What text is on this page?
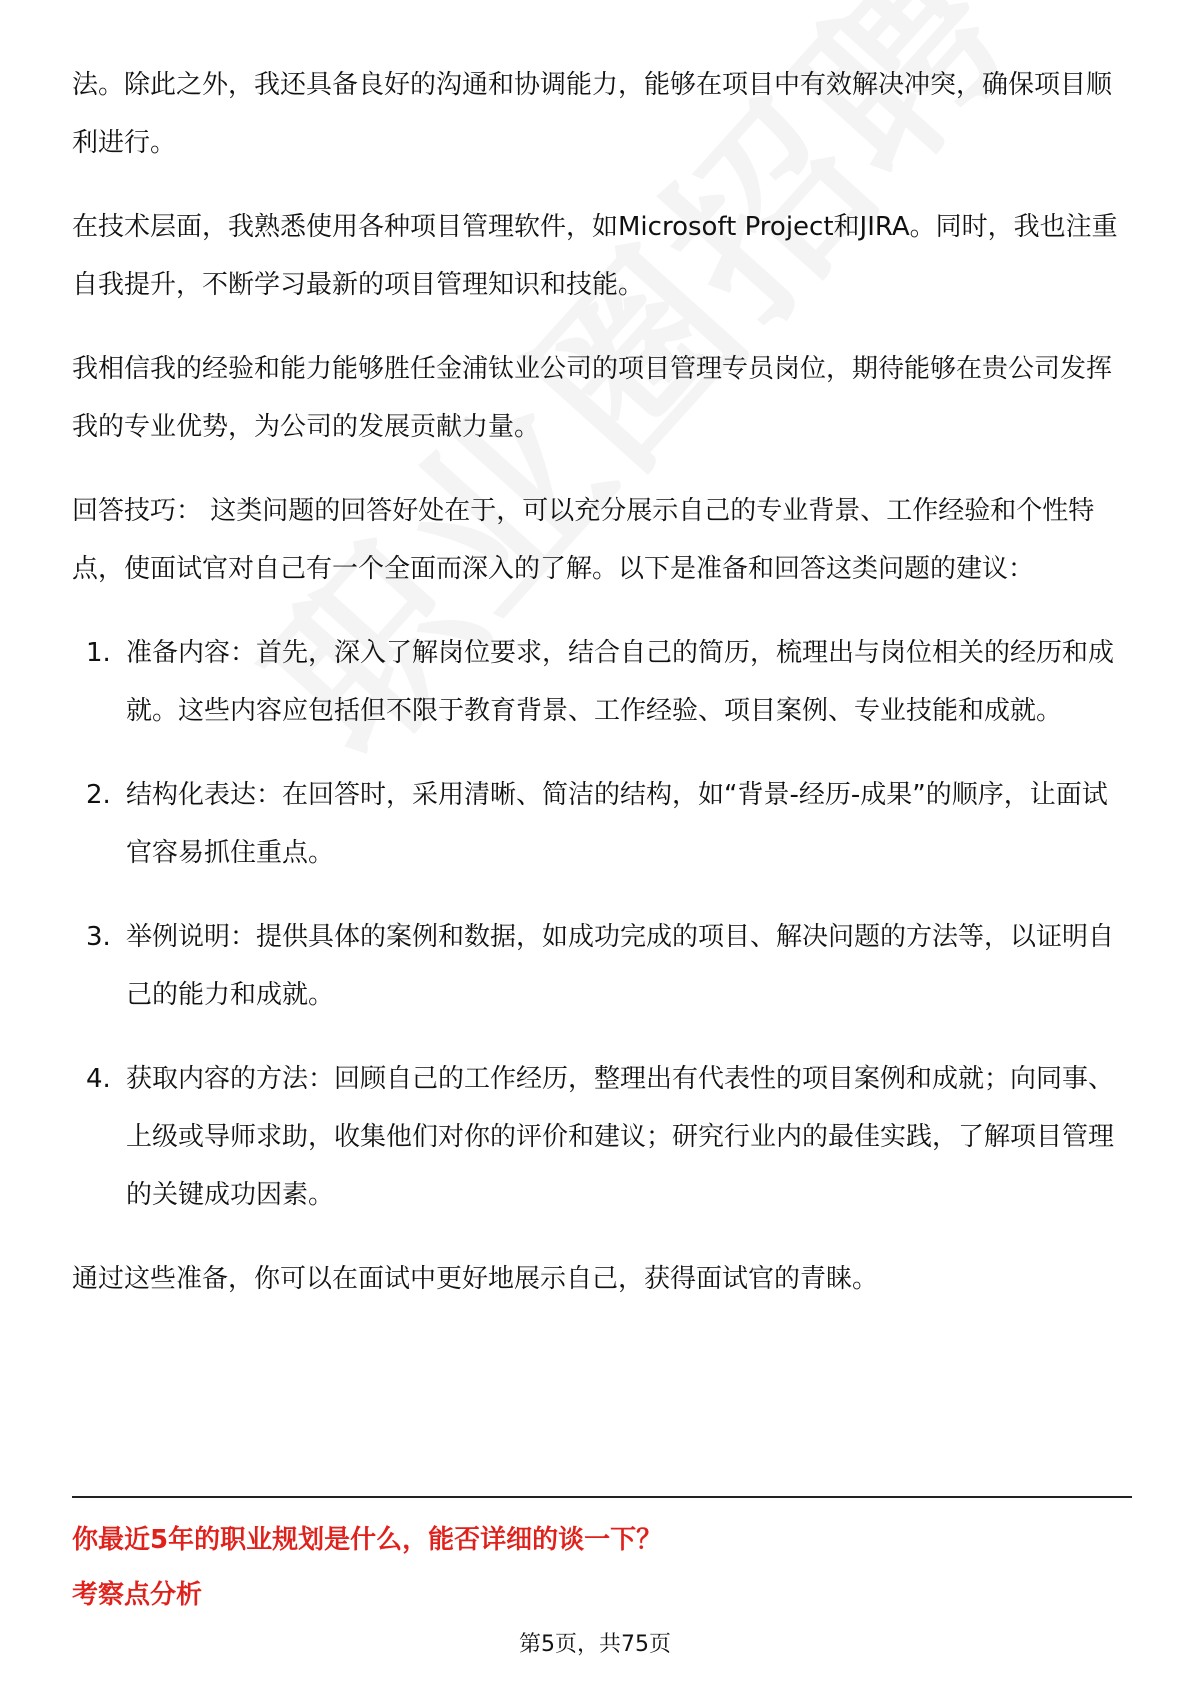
法。除此之外，我还具备良好的沟通和协调能力，能够在项目中有效解决冲突，确保项目顺利进行。

在技术层面，我熟悉使用各种项目管理软件，如Microsoft Project和JIRA。同时，我也注重自我提升，不断学习最新的项目管理知识和技能。

我相信我的经验和能力能够胜任金浦钛业公司的项目管理专员岗位，期待能够在贵公司发挥我的专业优势，为公司的发展贡献力量。

回答技巧： 这类问题的回答好处在于，可以充分展示自己的专业背景、工作经验和个性特点，使面试官对自己有一个全面而深入的了解。以下是准备和回答这类问题的建议：

1. 准备内容：首先，深入了解岗位要求，结合自己的简历，梳理出与岗位相关的经历和成就。这些内容应包括但不限于教育背景、工作经验、项目案例、专业技能和成就。
2. 结构化表达：在回答时，采用清晰、简洁的结构，如“背景-经历-成果”的顺序，让面试官容易抓住重点。
3. 举例说明：提供具体的案例和数据，如成功完成的项目、解决问题的方法等，以证明自己的能力和成就。
4. 获取内容的方法：回顾自己的工作经历，整理出有代表性的项目案例和成就；向同事、上级或导师求助，收集他们对你的评价和建议；研究行业内的最佳实践，了解项目管理的关键成功因素。

通过这些准备，你可以在面试中更好地展示自己，获得面试官的青睐。

你最近5年的职业规划是什么，能否详细的谈一下？
考察点分析
第5页，共75页
